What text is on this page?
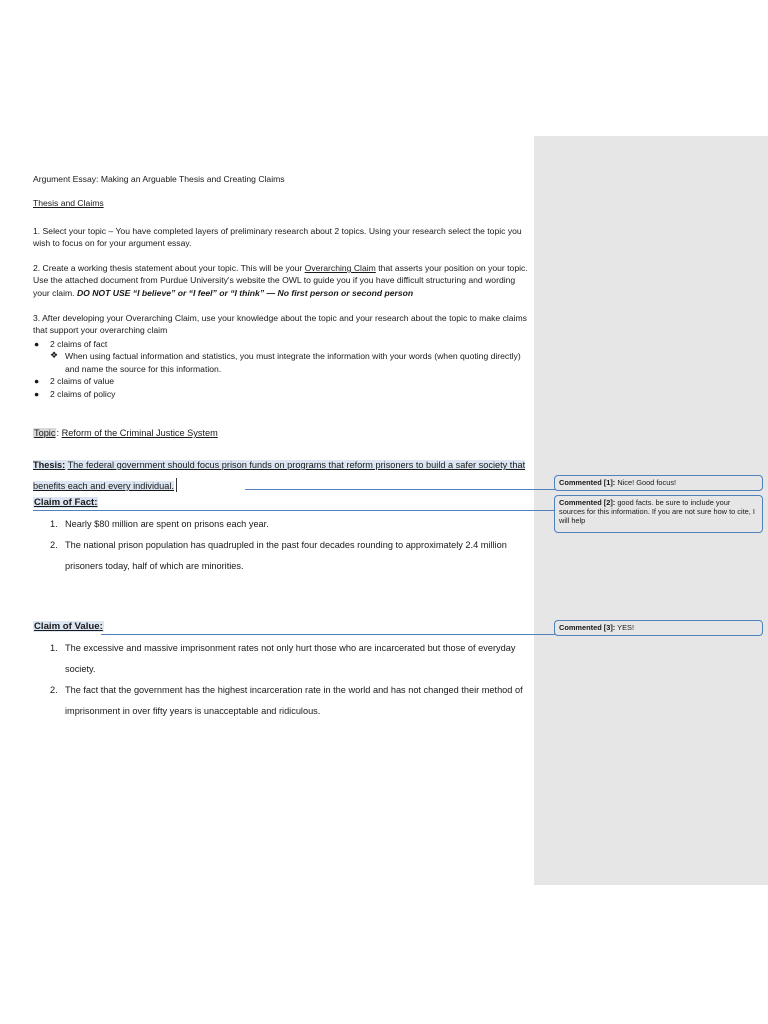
Argument Essay: Making an Arguable Thesis and Creating Claims
Thesis and Claims
1. Select your topic – You have completed layers of preliminary research about 2 topics. Using your research select the topic you wish to focus on for your argument essay.
2. Create a working thesis statement about your topic. This will be your Overarching Claim that asserts your position on your topic. Use the attached document from Purdue University's website the OWL to guide you if you have difficult structuring and wording your claim. DO NOT USE “I believe” or “I feel” or “I think” — No first person or second person
3. After developing your Overarching Claim, use your knowledge about the topic and your research about the topic to make claims that support your overarching claim
● 2 claims of fact
❖ When using factual information and statistics, you must integrate the information with your words (when quoting directly) and name the source for this information.
● 2 claims of value
● 2 claims of policy
Topic: Reform of the Criminal Justice System
Thesis: The federal government should focus prison funds on programs that reform prisoners to build a safer society that benefits each and every individual.
Claim of Fact:
1. Nearly $80 million are spent on prisons each year.
2. The national prison population has quadrupled in the past four decades rounding to approximately 2.4 million prisoners today, half of which are minorities.
Claim of Value:
1. The excessive and massive imprisonment rates not only hurt those who are incarcerated but those of everyday society.
2. The fact that the government has the highest incarceration rate in the world and has not changed their method of imprisonment in over fifty years is unacceptable and ridiculous.
Commented [1]: Nice! Good focus!
Commented [2]: good facts. be sure to include your sources for this information. If you are not sure how to cite, I will help
Commented [3]: YES!
